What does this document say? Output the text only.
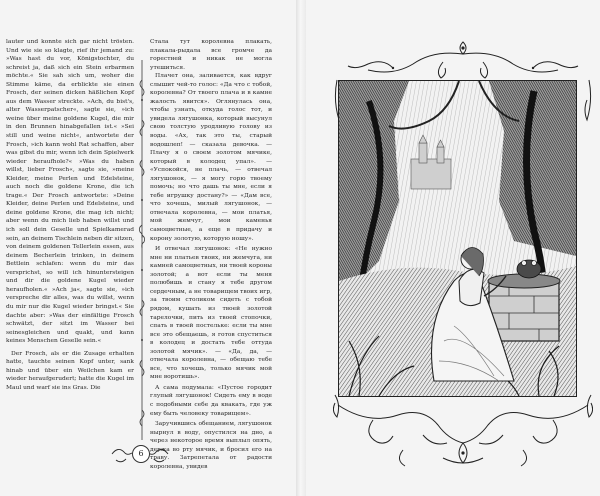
lauter und konnte sich gar nicht trösten. Und wie sie so klagte, rief ihr jemand zu: »Was hast du vor, Königstochter, du schreist ja, daß sich ein Stein erbarmen möchte.« Sie sah sich um, woher die Stimme käme, da erblickte sie einen Frosch, der seinen dicken häßlichen Kopf aus dem Wasser streckte. »Ach, du bist's, alter Wasserpatscher«, sagte sie, »ich weine über meine goldene Kugel, die mir in den Brunnen hinabgefallen ist.« »Sei still und weine nicht«, antwortete der Frosch, »ich kann wohl Rat schaffen, aber was gibst du mir, wenn ich dein Spielwerk wieder heraufhole?« »Was du haben willst, lieber Frosch«, sagte sie, »meine Kleider, meine Perlen und Edelsteine, auch noch die goldene Krone, die ich trage.« Der Frosch antwortete: »Deine Kleider, deine Perlen und Edelsteine, und deine goldene Krone, die mag ich nicht; aber wenn du mich lieb haben willst und ich soll dein Geselle und Spielkamerad sein, an deinem Tischlein neben dir sitzen, von deinem goldenen Tellerlein essen, aus deinem Becherlein trinken, in deinem Bettlein schlafen: wenn du mir das versprichst, so will ich hinuntersteigen und dir die goldene Kugel wieder heraufholen.« »Ach ja«, sagte sie, »ich verspreche dir alles, was du willst, wenn du mir nur die Kugel wieder bringst.« Sie dachte aber: »Was der einfältige Frosch schwätzt, der sitzt im Wasser bei seinesgleichen und quakt, und kann keines Menschen Geselle sein.«

Der Frosch, als er die Zusage erhalten hatte, tauchte seinen Kopf unter, sank hinab und über ein Weilchen kam er wieder heraufgerudert; hatte die Kugel im Maul und warf sie ins Gras. Die

Стала тут королевна плакать, плакала-рыдала все громче да горестней и никак не могла утешиться.

Плачет она, заливается, как вдруг слышит чей-то голос: «Да что с тобой, королевна? От твоего плача и в камне жалость явится». Оглянулась она, чтобы узнать, откуда голос тот, и увидела лягушонка, который высунул свою толстую уродливую голову из воды. «Ах, так это ты, старый водошлеп! — сказала девочка. — Плачу я о своем золотом мячике, который в колодец упал». — «Успокойся, не плачь, — отвечал лягушонок, — я могу горю твоему помочь; но что дашь ты мне, если я тебе игрушку достану?» — «Дам все, что хочешь, милый лягушонок, — отвечала королевна, — мои платья, мой жемчуг, мои каменья самоцветные, а еще в придачу и корону золотую, которую ношу».

И отвечал лягушонок: «Не нужно мне ни платьев твоих, ни жемчуга, ни камней самоцветных, ни твоей короны золотой; а вот если ты меня полюбишь и стану я тебе другом сердечным, а не товарищем твоих игр, за твоим столиком сидеть с тобой рядом, кушать из твоей золотой тарелочки, пить из твоей стопочки, спать в твоей постельке: если ты мне все это обещаешь, я готов спуститься в колодец и достать тебе оттуда золотой мячик». — «Да, да, — отвечала королевна, — обещаю тебе все, что хочешь, только мячик мой мне воротишь».

А сама подумала: «Пустое городит глупый лягушонок! Сидеть ему в воде с подобными себе да квакать, где уж ему быть человеку товарищем».

Заручившись обещанием, лягушонок нырнул в воду, опустился на дно, а через некоторое время выплыл опять, держа во рту мячик, и бросил его на траву. Затрепетала от радости королевна, увидев

6
